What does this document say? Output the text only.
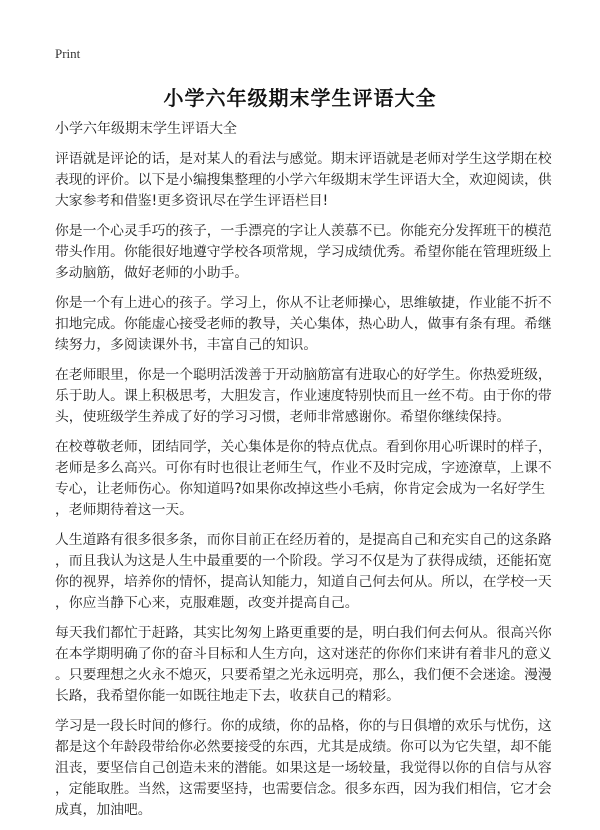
Print
小学六年级期末学生评语大全
小学六年级期末学生评语大全

评语就是评论的话，是对某人的看法与感觉。期末评语就是老师对学生这学期在校
表现的评价。以下是小编搜集整理的小学六年级期末学生评语大全，欢迎阅读，供
大家参考和借鉴!更多资讯尽在学生评语栏目!

你是一个心灵手巧的孩子，一手漂亮的字让人羡慕不已。你能充分发挥班干的模范
带头作用。你能很好地遵守学校各项常规，学习成绩优秀。希望你能在管理班级上
多动脑筋，做好老师的小助手。

你是一个有上进心的孩子。学习上，你从不让老师操心，思维敏捷，作业能不折不
扣地完成。你能虚心接受老师的教导，关心集体，热心助人，做事有条有理。希继
续努力，多阅读课外书，丰富自己的知识。

在老师眼里，你是一个聪明活泼善于开动脑筋富有进取心的好学生。你热爱班级，
乐于助人。课上积极思考，大胆发言，作业速度特别快而且一丝不苟。由于你的带
头，使班级学生养成了好的学习习惯，老师非常感谢你。希望你继续保持。

在校尊敬老师，团结同学，关心集体是你的特点优点。看到你用心听课时的样子，
老师是多么高兴。可你有时也很让老师生气，作业不及时完成，字迹潦草，上课不
专心，让老师伤心。你知道吗?如果你改掉这些小毛病，你肯定会成为一名好学生
，老师期待着这一天。

人生道路有很多很多条，而你目前正在经历着的，是提高自己和充实自己的这条路
，而且我认为这是人生中最重要的一个阶段。学习不仅是为了获得成绩，还能拓宽
你的视界，培养你的情怀，提高认知能力，知道自己何去何从。所以，在学校一天
，你应当静下心来，克服难题，改变并提高自己。

每天我们都忙于赶路，其实比匆匆上路更重要的是，明白我们何去何从。很高兴你
在本学期明确了你的奋斗目标和人生方向，这对迷茫的你你们来讲有着非凡的意义
。只要理想之火永不熄灭，只要希望之光永远明亮，那么，我们便不会迷途。漫漫
长路，我希望你能一如既往地走下去，收获自己的精彩。

学习是一段长时间的修行。你的成绩，你的品格，你的与日俱增的欢乐与忧伤，这
都是这个年龄段带给你必然要接受的东西，尤其是成绩。你可以为它失望，却不能
沮丧，要坚信自己创造未来的潜能。如果这是一场较量，我觉得以你的自信与从容
，定能取胜。当然，这需要坚持，也需要信念。很多东西，因为我们相信，它才会
成真，加油吧。
